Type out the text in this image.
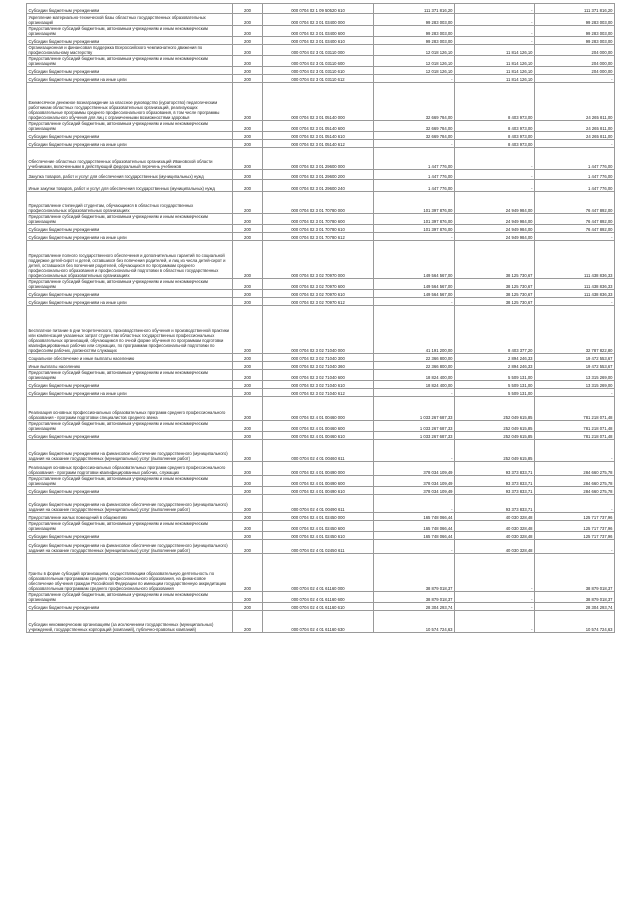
Субсидии бюджетным учреждениям	200	000 0704 02 1 09 50520 610	111 371 816,20	-	111 371 816,20
Укрепление материально-технической базы областных государственных образовательных организаций	200	000 0704 02 3 01 03400 000	99 283 003,00	-	99 283 003,00
Предоставление субсидий бюджетным, автономным учреждениям и иным некоммерческим организациям	200	000 0704 02 3 01 03400 600	99 283 003,00	-	99 283 003,00
Субсидии бюджетным учреждениям	200	000 0704 02 3 01 03400 610	99 283 003,00	-	99 283 003,00
Организационная и финансовая поддержка Всероссийского чемпионатного движения по профессиональному мастерству	200	000 0704 02 3 01 03110 000	12 018 126,10	11 814 126,10	204 000,00
Предоставление субсидий бюджетным, автономным учреждениям и иным некоммерческим организациям	200	000 0704 02 3 01 03110 600	12 018 126,10	11 814 126,10	204 000,00
Субсидии бюджетным учреждениям	200	000 0704 02 3 01 03110 610	12 018 126,10	11 814 126,10	204 000,00
Субсидии бюджетным учреждениям на иные цели	200	000 0704 02 3 01 03110 612	-	11 814 126,10	-
Ежемесячное денежное вознаграждение за классное руководство (кураторство) педагогическим работникам областных государственных образовательных организаций, реализующих образовательные программы среднего профессионального образования, в том числе программы профессионального обучения для лиц с ограниченными возможностями здоровья	200	000 0704 02 3 01 05140 000	32 669 784,00	8 403 973,00	24 265 811,00
Предоставление субсидий бюджетным, автономным учреждениям и иным некоммерческим организациям	200	000 0704 02 3 01 05140 600	32 669 784,00	8 403 973,00	24 265 811,00
Субсидии бюджетным учреждениям	200	000 0704 02 3 01 05140 610	32 669 784,00	8 403 973,00	24 265 811,00
Субсидии бюджетным учреждениям на иные цели	200	000 0704 02 3 01 05140 612	-	8 403 973,00	-
Обеспечение областных государственных образовательных организаций Ивановской области учебниками, включенными в действующий федеральный перечень учебников	200	000 0704 02 3 01 29600 000	1 447 776,00	-	1 447 776,00
Закупка товаров, работ и услуг для обеспечения государственных (муниципальных) нужд	200	000 0704 02 3 01 29600 200	1 447 776,00	-	1 447 776,00
Иные закупки товаров, работ и услуг для обеспечения государственных (муниципальных) нужд	200	000 0704 02 3 01 29600 240	1 447 776,00	-	1 447 776,00
Предоставление стипендий студентам, обучающимся в областных государственных профессиональных образовательных организациях	200	000 0704 02 3 01 70780 000	101 397 876,00	24 949 984,00	76 447 892,00
Предоставление субсидий бюджетным, автономным учреждениям и иным некоммерческим организациям	200	000 0704 02 3 01 70780 600	101 397 876,00	24 949 984,00	76 447 892,00
Субсидии бюджетным учреждениям	200	000 0704 02 3 01 70780 610	101 397 876,00	24 949 984,00	76 447 892,00
Субсидии бюджетным учреждениям на иные цели	200	000 0704 02 3 01 70780 612	-	24 949 984,00	-
Предоставление полного государственного обеспечения и дополнительных гарантий по социальной поддержке детей-сирот и детей, оставшихся без попечения родителей, и лиц из числа детей-сирот и детей, оставшихся без попечения родителей, обучающихся по программам среднего профессионального образования и профессиональной подготовки в областных государственных профессиональных образовательных организациях	200	000 0704 02 3 02 70970 000	149 564 567,00	38 125 730,67	111 438 836,33
Предоставление субсидий бюджетным, автономным учреждениям и иным некоммерческим организациям	200	000 0704 02 3 02 70970 600	149 564 567,00	38 125 730,67	111 438 836,33
Субсидии бюджетным учреждениям	200	000 0704 02 3 02 70970 610	149 564 567,00	38 125 730,67	111 438 836,33
Субсидии бюджетным учреждениям на иные цели	200	000 0704 02 3 02 70970 612	-	38 125 730,67	-
Бесплатное питание в дни теоретического, производственного обучения и производственной практики или компенсация указанных затрат студентам областных государственных профессиональных образовательных организаций, обучающимся по очной форме обучения по программам подготовки квалифицированных рабочих или служащих, по программам профессиональной подготовки по профессиям рабочих, должностям служащих	200	000 0704 02 3 02 71040 000	41 191 200,00	8 403 377,20	32 787 822,80
Социальное обеспечение и иные выплаты населению	200	000 0704 02 3 02 71040 300	22 366 800,00	2 894 246,33	19 472 553,67
Иные выплаты населению	200	000 0704 02 3 02 71040 360	22 366 800,00	2 894 246,33	19 472 553,67
Предоставление субсидий бюджетным, автономным учреждениям и иным некоммерческим организациям	200	000 0704 02 3 02 71040 600	18 824 400,00	5 509 131,00	13 315 269,00
Субсидии бюджетным учреждениям	200	000 0704 02 3 02 71040 610	18 824 400,00	5 509 131,00	13 315 269,00
Субсидии бюджетным учреждениям на иные цели	200	000 0704 02 3 02 71040 612	-	5 509 131,00	-
Реализация основных профессиональных образовательных программ среднего профессионального образования - программ подготовки специалистов среднего звена	200	000 0704 02 4 01 00460 000	1 033 267 687,33	252 049 615,85	781 218 071,48
Предоставление субсидий бюджетным, автономным учреждениям и иным некоммерческим организациям	200	000 0704 02 4 01 00460 600	1 033 267 687,33	252 049 615,85	781 218 071,48
Субсидии бюджетным учреждениям	200	000 0704 02 4 01 00460 610	1 033 267 687,33	252 049 615,85	781 218 071,48
Субсидии бюджетным учреждениям на финансовое обеспечение государственного (муниципального) задания на оказание государственных (муниципальных) услуг (выполнение работ)	200	000 0704 02 4 01 00460 611	-	252 049 615,85	-
Реализация основных профессиональных образовательных программ среднего профессионального образования - программ подготовки квалифицированных рабочих, служащих	200	000 0704 02 4 01 00490 000	378 034 109,49	93 373 833,71	284 660 275,78
Предоставление субсидий бюджетным, автономным учреждениям и иным некоммерческим организациям	200	000 0704 02 4 01 00490 600	378 034 109,49	93 373 833,71	284 660 275,78
Субсидии бюджетным учреждениям	200	000 0704 02 4 01 00490 610	378 034 109,49	93 373 833,71	284 660 275,78
Субсидии бюджетным учреждениям на финансовое обеспечение государственного (муниципального) задания на оказание государственных (муниципальных) услуг (выполнение работ)	200	000 0704 02 4 01 00490 611	-	93 373 833,71	-
Предоставление жилых помещений в общежитиях	200	000 0704 02 4 01 02450 000	165 748 066,44	40 030 328,48	125 717 737,96
Предоставление субсидий бюджетным, автономным учреждениям и иным некоммерческим организациям	200	000 0704 02 4 01 02450 600	165 748 066,44	40 030 328,48	125 717 737,96
Субсидии бюджетным учреждениям	200	000 0704 02 4 01 02450 610	165 748 066,44	40 030 328,48	125 717 737,96
Субсидии бюджетным учреждениям на финансовое обеспечение государственного (муниципального) задания на оказание государственных (муниципальных) услуг (выполнение работ)	200	000 0704 02 4 01 02450 611	-	40 030 328,48	-
Гранты в форме субсидий организациям, осуществляющим образовательную деятельность по образовательным программам среднего профессионального образования, на финансовое обеспечение обучения граждан Российской Федерации по имеющим государственную аккредитацию образовательным программам среднего профессионального образования	200	000 0704 02 4 01 61160 000	38 879 018,37	-	38 879 018,37
Предоставление субсидий бюджетным, автономным учреждениям и иным некоммерческим организациям	200	000 0704 02 4 01 61160 600	38 879 018,37	-	38 879 018,37
Субсидии бюджетным учреждениям	200	000 0704 02 4 01 61160 610	28 304 293,74	-	28 304 293,74
Субсидии некоммерческим организациям (за исключением государственных (муниципальных) учреждений, государственных корпораций (компаний), публично-правовых компаний)	200	000 0704 02 4 01 61160 630	10 574 724,63	-	10 574 724,63
